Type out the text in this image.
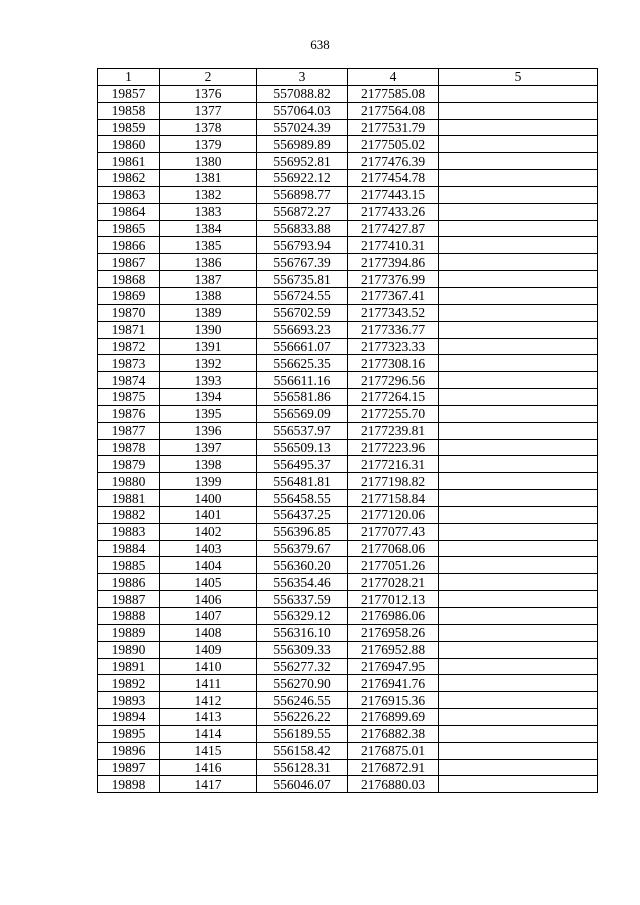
638
1	2	3	4	5
19857	1376	557088.82	2177585.08	
19858	1377	557064.03	2177564.08	
19859	1378	557024.39	2177531.79	
19860	1379	556989.89	2177505.02	
19861	1380	556952.81	2177476.39	
19862	1381	556922.12	2177454.78	
19863	1382	556898.77	2177443.15	
19864	1383	556872.27	2177433.26	
19865	1384	556833.88	2177427.87	
19866	1385	556793.94	2177410.31	
19867	1386	556767.39	2177394.86	
19868	1387	556735.81	2177376.99	
19869	1388	556724.55	2177367.41	
19870	1389	556702.59	2177343.52	
19871	1390	556693.23	2177336.77	
19872	1391	556661.07	2177323.33	
19873	1392	556625.35	2177308.16	
19874	1393	556611.16	2177296.56	
19875	1394	556581.86	2177264.15	
19876	1395	556569.09	2177255.70	
19877	1396	556537.97	2177239.81	
19878	1397	556509.13	2177223.96	
19879	1398	556495.37	2177216.31	
19880	1399	556481.81	2177198.82	
19881	1400	556458.55	2177158.84	
19882	1401	556437.25	2177120.06	
19883	1402	556396.85	2177077.43	
19884	1403	556379.67	2177068.06	
19885	1404	556360.20	2177051.26	
19886	1405	556354.46	2177028.21	
19887	1406	556337.59	2177012.13	
19888	1407	556329.12	2176986.06	
19889	1408	556316.10	2176958.26	
19890	1409	556309.33	2176952.88	
19891	1410	556277.32	2176947.95	
19892	1411	556270.90	2176941.76	
19893	1412	556246.55	2176915.36	
19894	1413	556226.22	2176899.69	
19895	1414	556189.55	2176882.38	
19896	1415	556158.42	2176875.01	
19897	1416	556128.31	2176872.91	
19898	1417	556046.07	2176880.03	
